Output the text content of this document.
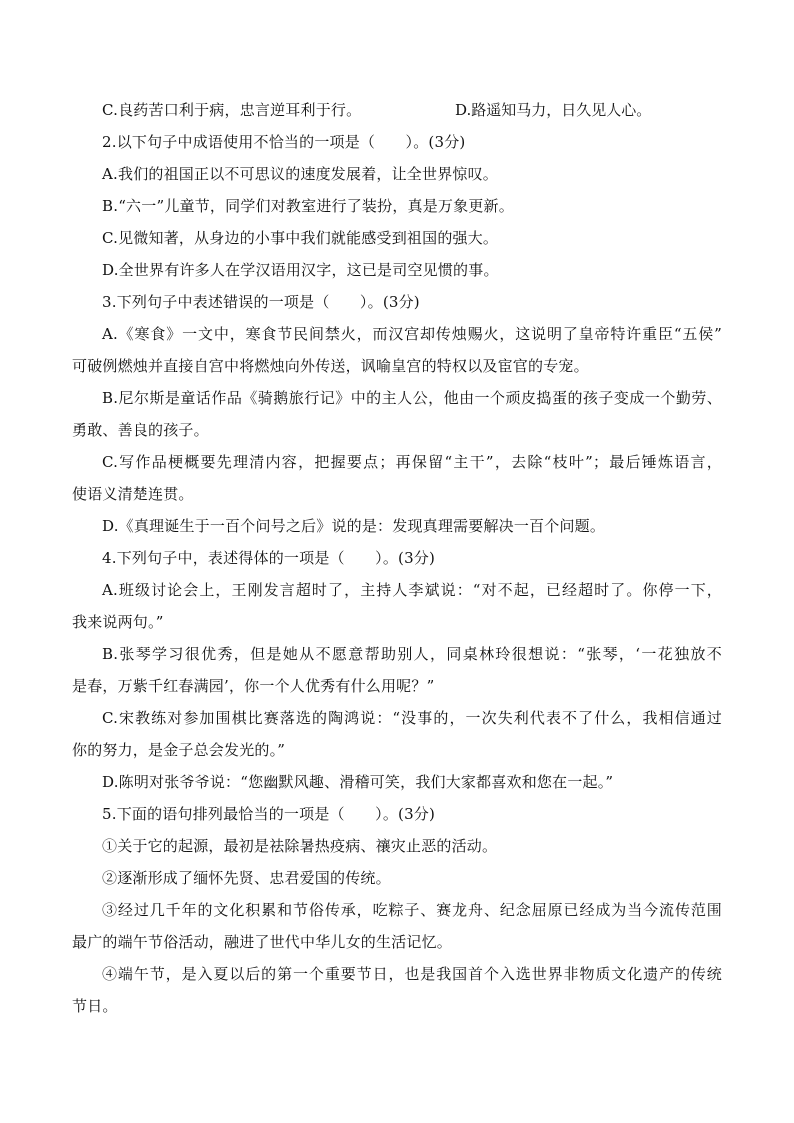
C.良药苦口利于病，忠言逆耳利于行。	D.路遥知马力，日久见人心。
2.以下句子中成语使用不恰当的一项是（　　）。(3分)
A.我们的祖国正以不可思议的速度发展着，让全世界惊叹。
B.“六一”儿童节，同学们对教室进行了装扮，真是万象更新。
C.见微知著，从身边的小事中我们就能感受到祖国的强大。
D.全世界有许多人在学汉语用汉字，这已是司空见惯的事。
3.下列句子中表述错误的一项是（　　）。(3分)
A.《寒食》一文中，寒食节民间禁火，而汉宫却传烛赐火，这说明了皇帝特许重臣“五侯”
可破例燃烛并直接自宫中将燃烛向外传送，讽喻皇宫的特权以及宦官的专宠。
B.尼尔斯是童话作品《骑鹅旅行记》中的主人公，他由一个顽皮捣蛋的孩子变成一个勤劳、
勇敢、善良的孩子。
C.写作品梗概要先理清内容，把握要点；再保留“主干”，去除“枝叶”；最后锤炼语言，
使语义清楚连贯。
D.《真理诞生于一百个问号之后》说的是：发现真理需要解决一百个问题。
4.下列句子中，表述得体的一项是（　　）。(3分)
A.班级讨论会上，王刚发言超时了，主持人李斌说：“对不起，已经超时了。你停一下，
我来说两句。”
B.张琴学习很优秀，但是她从不愿意帮助别人，同桌林玲很想说：“张琴，‘一花独放不
是春，万紫千红春满园’，你一个人优秀有什么用呢？”
C.宋教练对参加围棋比赛落选的陶鸿说：“没事的，一次失利代表不了什么，我相信通过
你的努力，是金子总会发光的。”
D.陈明对张爷爷说：“您幽默风趣、滑稽可笑，我们大家都喜欢和您在一起。”
5.下面的语句排列最恰当的一项是（　　）。(3分)
①关于它的起源，最初是祛除暑热疫病、禳灾止恶的活动。
②逐渐形成了缅怀先贤、忠君爱国的传统。
③经过几千年的文化积累和节俗传承，吃粽子、赛龙舟、纪念屈原已经成为当今流传范围
最广的端午节俗活动，融进了世代中华儿女的生活记忆。
④端午节，是入夏以后的第一个重要节日，也是我国首个入选世界非物质文化遗产的传统
节日。
